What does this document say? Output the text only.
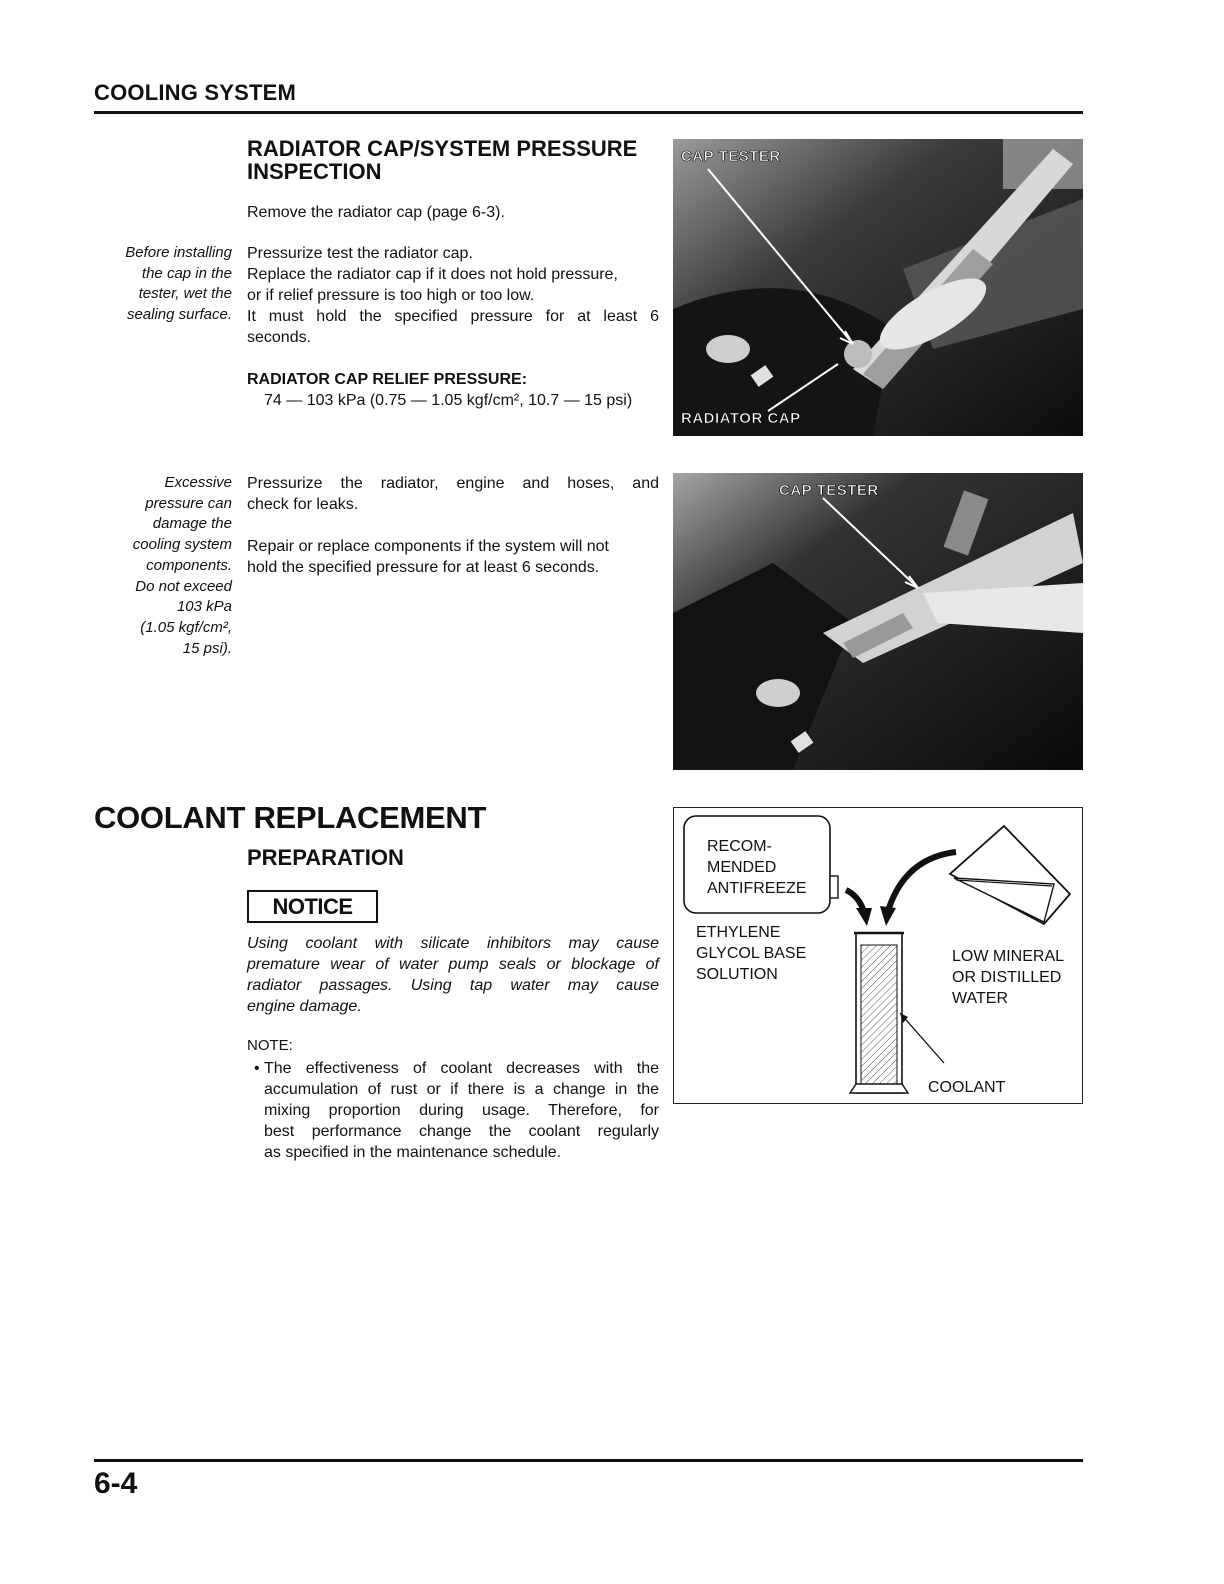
COOLING SYSTEM
RADIATOR CAP/SYSTEM PRESSURE
INSPECTION
Remove the radiator cap (page 6-3).
Before installing
the cap in the
tester, wet the
sealing surface.
Pressurize test the radiator cap.
Replace the radiator cap if it does not hold pressure,
or if relief pressure is too high or too low.
It must hold the specified pressure for at least 6
seconds.
RADIATOR CAP RELIEF PRESSURE:
74 — 103 kPa (0.75 — 1.05 kgf/cm², 10.7 — 15 psi)
CAP TESTER
RADIATOR CAP
Excessive
pressure can
damage the
cooling system
components.
Do not exceed
103 kPa
(1.05 kgf/cm²,
15 psi).
Pressurize the radiator, engine and hoses, and
check for leaks.
Repair or replace components if the system will not
hold the specified pressure for at least 6 seconds.
CAP TESTER
COOLANT REPLACEMENT
PREPARATION
NOTICE
Using coolant with silicate inhibitors may cause
premature wear of water pump seals or blockage of
radiator passages. Using tap water may cause
engine damage.
NOTE:
• The effectiveness of coolant decreases with the
accumulation of rust or if there is a change in the
mixing proportion during usage. Therefore, for
best performance change the coolant regularly
as specified in the maintenance schedule.
RECOM-
MENDED
ANTIFREEZE
ETHYLENE
GLYCOL BASE
SOLUTION
LOW MINERAL
OR DISTILLED
WATER
COOLANT
6-4
